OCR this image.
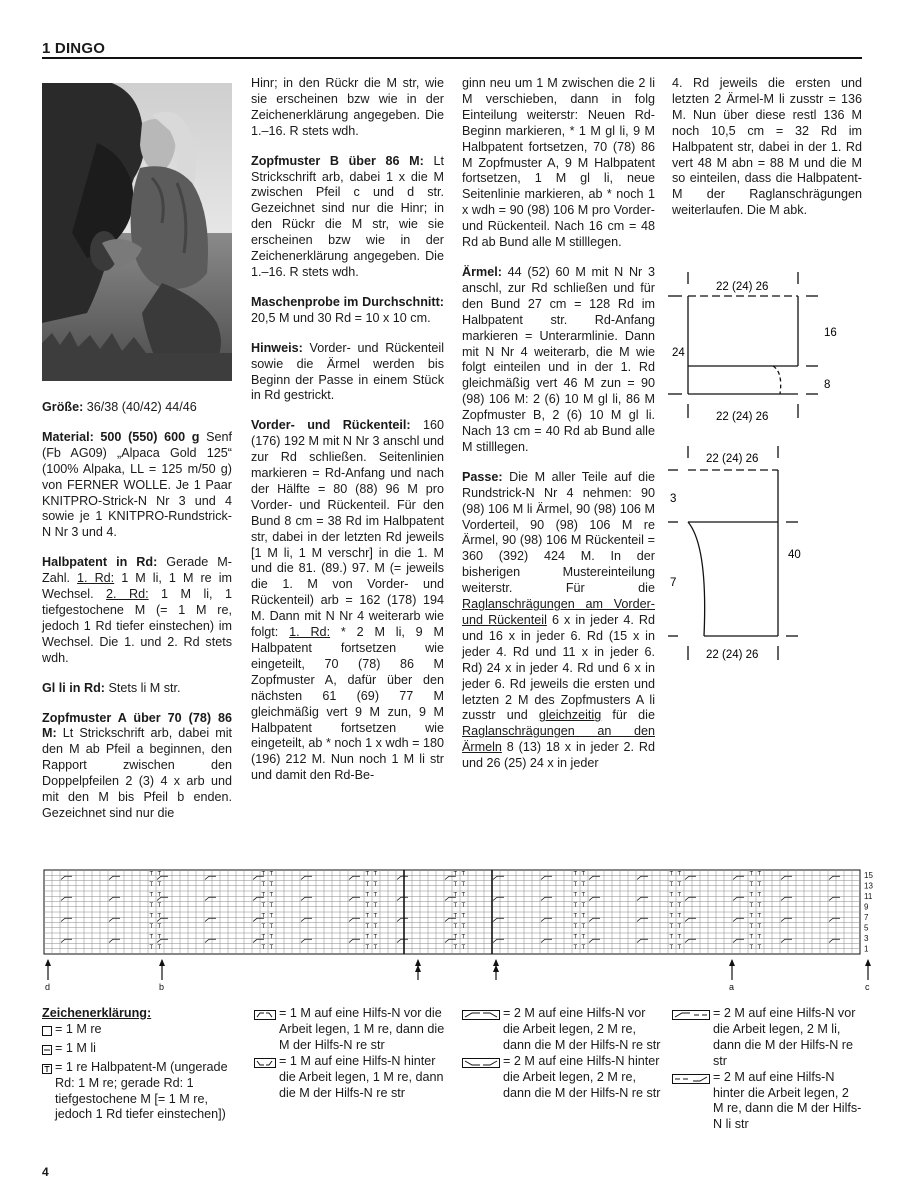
1 DINGO

Größe: 36/38 (40/42) 44/46

Material: 500 (550) 600 g Senf (Fb AG09) „Alpaca Gold 125“ (100% Alpaka, LL = 125 m/50 g) von FERNER WOLLE. Je 1 Paar KNITPRO-Strick-N Nr 3 und 4 sowie je 1 KNITPRO-Rundstrick-N Nr 3 und 4.

Halbpatent in Rd: Gerade M-Zahl. 1. Rd: 1 M li, 1 M re im Wechsel. 2. Rd: 1 M li, 1 tiefgestochene M (= 1 M re, jedoch 1 Rd tiefer einstechen) im Wechsel. Die 1. und 2. Rd stets wdh.

Gl li in Rd: Stets li M str.

Zopfmuster A über 70 (78) 86 M: Lt Strickschrift arb, dabei mit den M ab Pfeil a beginnen, den Rapport zwischen den Doppelpfeilen 2 (3) 4 x arb und mit den M bis Pfeil b enden. Gezeichnet sind nur die

Hinr; in den Rückr die M str, wie sie erscheinen bzw wie in der Zeichenerklärung angegeben. Die 1.–16. R stets wdh.

Zopfmuster B über 86 M: Lt Strickschrift arb, dabei 1 x die M zwischen Pfeil c und d str. Gezeichnet sind nur die Hinr; in den Rückr die M str, wie sie erscheinen bzw wie in der Zeichenerklärung angegeben. Die 1.–16. R stets wdh.

Maschenprobe im Durchschnitt: 20,5 M und 30 Rd = 10 x 10 cm.

Hinweis: Vorder- und Rückenteil sowie die Ärmel werden bis Beginn der Passe in einem Stück in Rd gestrickt.

Vorder- und Rückenteil: 160 (176) 192 M mit N Nr 3 anschl und zur Rd schließen. Seitenlinien markieren = Rd-Anfang und nach der Hälfte = 80 (88) 96 M pro Vorder- und Rückenteil. Für den Bund 8 cm = 38 Rd im Halbpatent str, dabei in der letzten Rd jeweils [1 M li, 1 M verschr] in die 1. M und die 81. (89.) 97. M (= jeweils die 1. M von Vorder- und Rückenteil) arb = 162 (178) 194 M. Dann mit N Nr 4 weiterarb wie folgt: 1. Rd: * 2 M li, 9 M Halbpatent fortsetzen wie eingeteilt, 70 (78) 86 M Zopfmuster A, dafür über den nächsten 61 (69) 77 M gleichmäßig vert 9 M zun, 9 M Halbpatent fortsetzen wie eingeteilt, ab * noch 1 x wdh = 180 (196) 212 M. Nun noch 1 M li str und damit den Rd-Be-

ginn neu um 1 M zwischen die 2 li M verschieben, dann in folg Einteilung weiterstr: Neuen Rd-Beginn markieren, * 1 M gl li, 9 M Halbpatent fortsetzen, 70 (78) 86 M Zopfmuster A, 9 M Halbpatent fortsetzen, 1 M gl li, neue Seitenlinie markieren, ab * noch 1 x wdh = 90 (98) 106 M pro Vorder- und Rückenteil. Nach 16 cm = 48 Rd ab Bund alle M stilllegen.

Ärmel: 44 (52) 60 M mit N Nr 3 anschl, zur Rd schließen und für den Bund 27 cm = 128 Rd im Halbpatent str. Rd-Anfang markieren = Unterarmlinie. Dann mit N Nr 4 weiterarb, die M wie folgt einteilen und in der 1. Rd gleichmäßig vert 46 M zun = 90 (98) 106 M: 2 (6) 10 M gl li, 86 M Zopfmuster B, 2 (6) 10 M gl li. Nach 13 cm = 40 Rd ab Bund alle M stilllegen.

Passe: Die M aller Teile auf die Rundstrick-N Nr 4 nehmen: 90 (98) 106 M li Ärmel, 90 (98) 106 M Vorderteil, 90 (98) 106 M re Ärmel, 90 (98) 106 M Rückenteil = 360 (392) 424 M. In der bisherigen Mustereinteilung weiterstr. Für die Raglanschrägungen am Vorder- und Rückenteil 6 x in jeder 4. Rd und 16 x in jeder 6. Rd (15 x in jeder 4. Rd und 11 x in jeder 6. Rd) 24 x in jeder 4. Rd und 6 x in jeder 6. Rd jeweils die ersten und letzten 2 M des Zopfmusters A li zusstr und gleichzeitig für die Raglanschrägungen an den Ärmeln 8 (13) 18 x in jeder 2. Rd und 26 (25) 24 x in jeder

4. Rd jeweils die ersten und letzten 2 Ärmel-M li zusstr = 136 M. Nun über diese restl 136 M noch 10,5 cm = 32 Rd im Halbpatent str, dabei in der 1. Rd vert 48 M abn = 88 M und die M so einteilen, dass die Halbpatent-M der Raglanschrägungen weiterlaufen. Die M abk.

22 (24) 26
24
16
8
22 (24) 26
22 (24) 26
3
7
40
22 (24) 26
T
T
T
T
T
T
T
T
T
T
T
T
T
T
T
T
T
T
T
T
T
T
T
T
T
T
T
T
T
T
T
T
T
T
T
T
T
T
T
T
T
T
T
T
T
T
T
T
T
T
T
T
T
T
T
T
T
T
T
T
T
T
T
T
T
T
T
T
T
T
T
T
T
T
T
T
T
T
T
T
T
T
T
T
T
T
T
T
T
T
T
T
T
T
T
T
T
T
T
T
T
T
T
T
T
T
T
T
T
T
T
T
15
13
11
9
7
5
3
1
d	b	a	c
Zeichenerklärung:
= 1 M re
= 1 M li
= 1 re Halbpatent-M (ungerade Rd: 1 M re; gerade Rd: 1 tiefgestochene M [= 1 M re, jedoch 1 Rd tiefer einstechen])
= 1 M auf eine Hilfs-N vor die Arbeit legen, 1 M re, dann die M der Hilfs-N re str
= 1 M auf eine Hilfs-N hinter die Arbeit legen, 1 M re, dann die M der Hilfs-N re str
= 2 M auf eine Hilfs-N vor die Arbeit legen, 2 M re, dann die M der Hilfs-N re str
= 2 M auf eine Hilfs-N hinter die Arbeit legen, 2 M re, dann die M der Hilfs-N re str
= 2 M auf eine Hilfs-N vor die Arbeit legen, 2 M li, dann die M der Hilfs-N re str
= 2 M auf eine Hilfs-N hinter die Arbeit legen, 2 M re, dann die M der Hilfs-N li str
4
